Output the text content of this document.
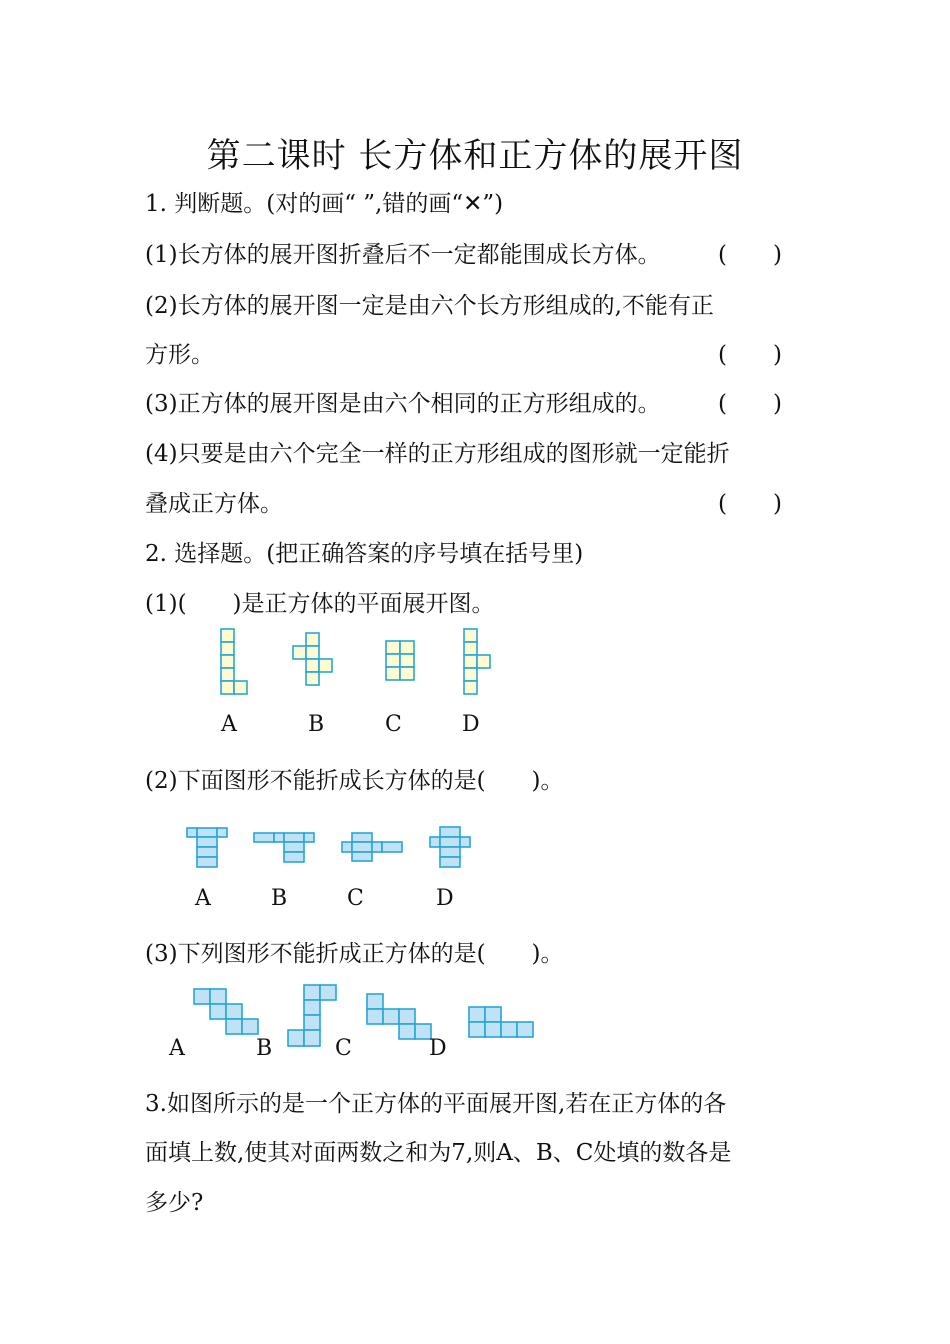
第二课时 长方体和正方体的展开图
1. 判断题。(对的画“ ”,错的画“✕”)
(1)长方体的展开图折叠后不一定都能围成长方体。 (　　)
(2)长方体的展开图一定是由六个长方形组成的,不能有正
方形。	(　　)
(3)正方体的展开图是由六个相同的正方形组成的。 (　　)
(4)只要是由六个完全一样的正方形组成的图形就一定能折
叠成正方体。	(　　)
2. 选择题。(把正确答案的序号填在括号里)
(1)(　　)是正方体的平面展开图。
A	B	C	D
(2)下面图形不能折成长方体的是(　　)。
A	B	C	D
(3)下列图形不能折成正方体的是(　　)。
A	B	C	D
3.如图所示的是一个正方体的平面展开图,若在正方体的各
面填上数,使其对面两数之和为7,则A、B、C处填的数各是
多少?
